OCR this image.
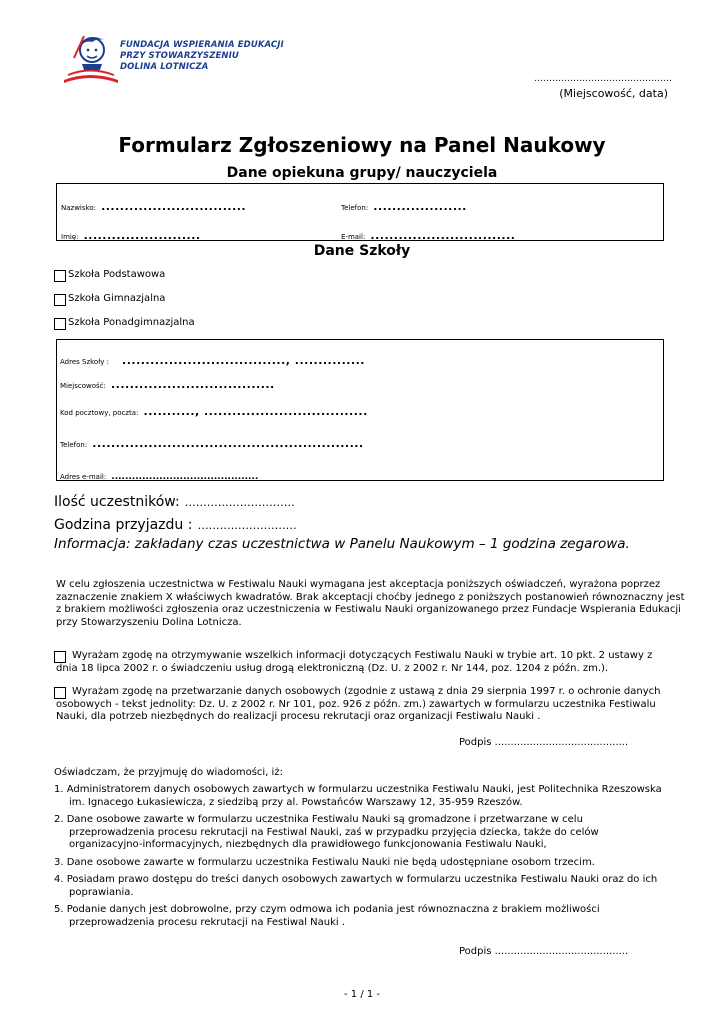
FUNDACJA WSPIERANIA EDUKACJI
PRZY STOWARZYSZENIU
DOLINA LOTNICZA
……………………………………….
(Miejscowość, data)
Formularz Zgłoszeniowy na Panel Naukowy
Dane opiekuna grupy/ nauczyciela
Nazwisko: ...............................	Telefon: ....................
Imię: .........................	E-mail: ...............................
Dane Szkoły
Szkoła Podstawowa
Szkoła Gimnazjalna
Szkoła Ponadgimnazjalna
Adres Szkoły : ..................................., ...............
Miejscowość: ...................................
Kod pocztowy, poczta: ..........., ...................................
Telefon: ..........................................................
Adres e-mail: ...........................................
Ilość uczestników: …………………………
Godzina przyjazdu : ………………………
Informacja: zakładany czas uczestnictwa w Panelu Naukowym – 1 godzina zegarowa.
W celu zgłoszenia uczestnictwa w Festiwalu Nauki wymagana jest akceptacja poniższych oświadczeń, wyrażona poprzez
zaznaczenie znakiem X właściwych kwadratów. Brak akceptacji choćby jednego z poniższych postanowień równoznaczny jest
z brakiem możliwości zgłoszenia oraz uczestniczenia w Festiwalu Nauki organizowanego przez Fundacje Wspierania Edukacji
przy Stowarzyszeniu Dolina Lotnicza.
Wyrażam zgodę na otrzymywanie wszelkich informacji dotyczących Festiwalu Nauki w trybie art. 10 pkt. 2 ustawy z
dnia 18 lipca 2002 r. o świadczeniu usług drogą elektroniczną (Dz. U. z 2002 r. Nr 144, poz. 1204 z późn. zm.).
Wyrażam zgodę na przetwarzanie danych osobowych (zgodnie z ustawą z dnia 29 sierpnia 1997 r. o ochronie danych
osobowych - tekst jednolity: Dz. U. z 2002 r. Nr 101, poz. 926 z późn. zm.) zawartych w formularzu uczestnika Festiwalu
Nauki, dla potrzeb niezbędnych do realizacji procesu rekrutacji oraz organizacji Festiwalu Nauki .
Podpis ..........................................
Oświadczam, że przyjmuję do wiadomości, iż:
1. Administratorem danych osobowych zawartych w formularzu uczestnika Festiwalu Nauki, jest Politechnika Rzeszowska
im. Ignacego Łukasiewicza, z siedzibą przy al. Powstańców Warszawy 12, 35-959 Rzeszów.
2. Dane osobowe zawarte w formularzu uczestnika Festiwalu Nauki są gromadzone i przetwarzane w celu
przeprowadzenia procesu rekrutacji na Festiwal Nauki, zaś w przypadku przyjęcia dziecka, także do celów
organizacyjno-informacyjnych, niezbędnych dla prawidłowego funkcjonowania Festiwalu Nauki,
3. Dane osobowe zawarte w formularzu uczestnika Festiwalu Nauki nie będą udostępniane osobom trzecim.
4. Posiadam prawo dostępu do treści danych osobowych zawartych w formularzu uczestnika Festiwalu Nauki oraz do ich
poprawiania.
5. Podanie danych jest dobrowolne, przy czym odmowa ich podania jest równoznaczna z brakiem możliwości
przeprowadzenia procesu rekrutacji na Festiwal Nauki .
Podpis ..........................................
- 1 / 1 -
